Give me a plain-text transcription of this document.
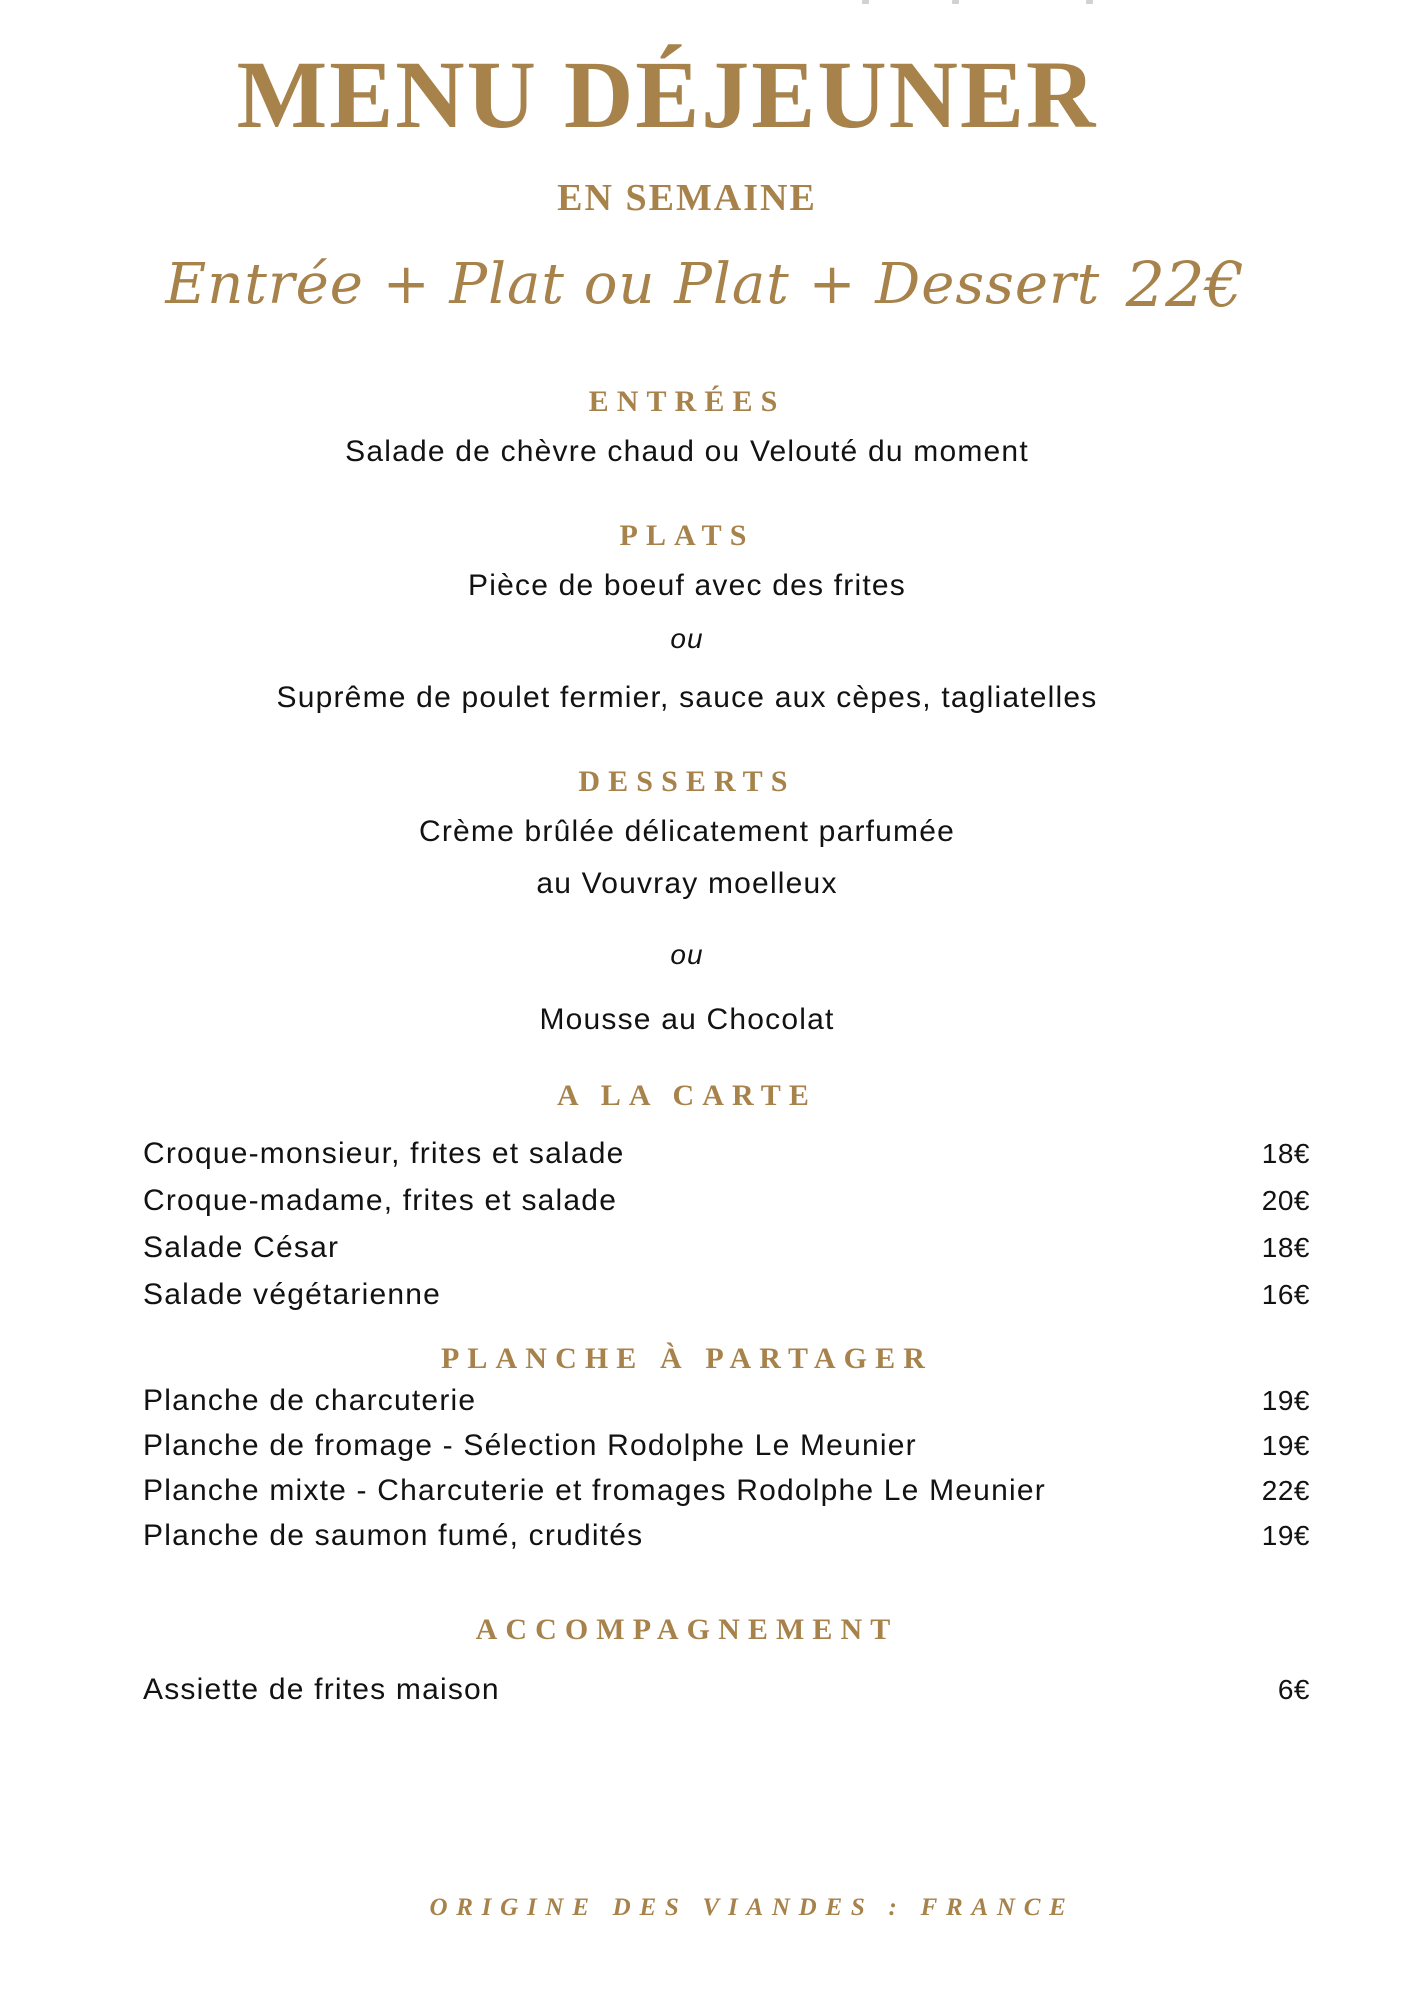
MENU DÉJEUNER
EN SEMAINE
Entrée + Plat ou Plat + Dessert 22€
ENTRÉES
Salade de chèvre chaud ou Velouté du moment
PLATS
Pièce de boeuf avec des frites
ou
Suprême de poulet fermier, sauce aux cèpes, tagliatelles
DESSERTS
Crème brûlée délicatement parfumée
au Vouvray moelleux
ou
Mousse au Chocolat
A LA CARTE
Croque-monsieur, frites et salade	18€
Croque-madame, frites et salade	20€
Salade César	18€
Salade végétarienne	16€
PLANCHE À PARTAGER
Planche de charcuterie	19€
Planche de fromage - Sélection Rodolphe Le Meunier	19€
Planche mixte - Charcuterie et fromages Rodolphe Le Meunier	22€
Planche de saumon fumé, crudités	19€
ACCOMPAGNEMENT
Assiette de frites maison	6€
ORIGINE DES VIANDES : FRANCE
